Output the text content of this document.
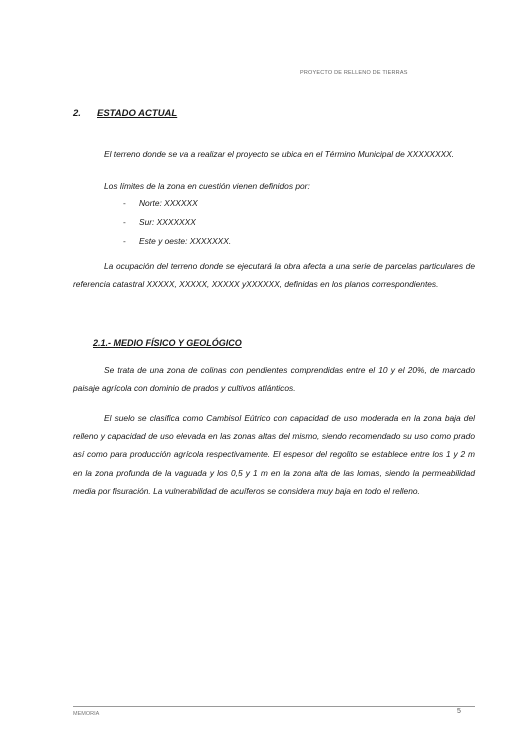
PROYECTO DE RELLENO DE TIERRAS
2. ESTADO ACTUAL
El terreno donde se va a realizar el proyecto se ubica en el Término Municipal de XXXXXXXX.
Los límites de la zona en cuestión vienen definidos por:
- Norte: XXXXXX
- Sur: XXXXXXX
- Este y oeste: XXXXXXX.
La ocupación del terreno donde se ejecutará la obra afecta a una serie de parcelas particulares de referencia catastral XXXXX, XXXXX, XXXXX yXXXXXX, definidas en los planos correspondientes.
2.1.- MEDIO FÍSICO Y GEOLÓGICO
Se trata de una zona de colinas con pendientes comprendidas entre el 10 y el 20%, de marcado paisaje agrícola con dominio de prados y cultivos atlánticos.
El suelo se clasifica como Cambisol Eútrico con capacidad de uso moderada en la zona baja del relleno y capacidad de uso elevada en las zonas altas del mismo, siendo recomendado su uso como prado así como para producción agrícola respectivamente. El espesor del regolito se establece entre los 1 y 2 m en la zona profunda de la vaguada y los 0,5 y 1 m en la zona alta de las lomas, siendo la permeabilidad media por fisuración. La vulnerabilidad de acuíferos se considera muy baja en todo el relleno.
MEMORIA	5
